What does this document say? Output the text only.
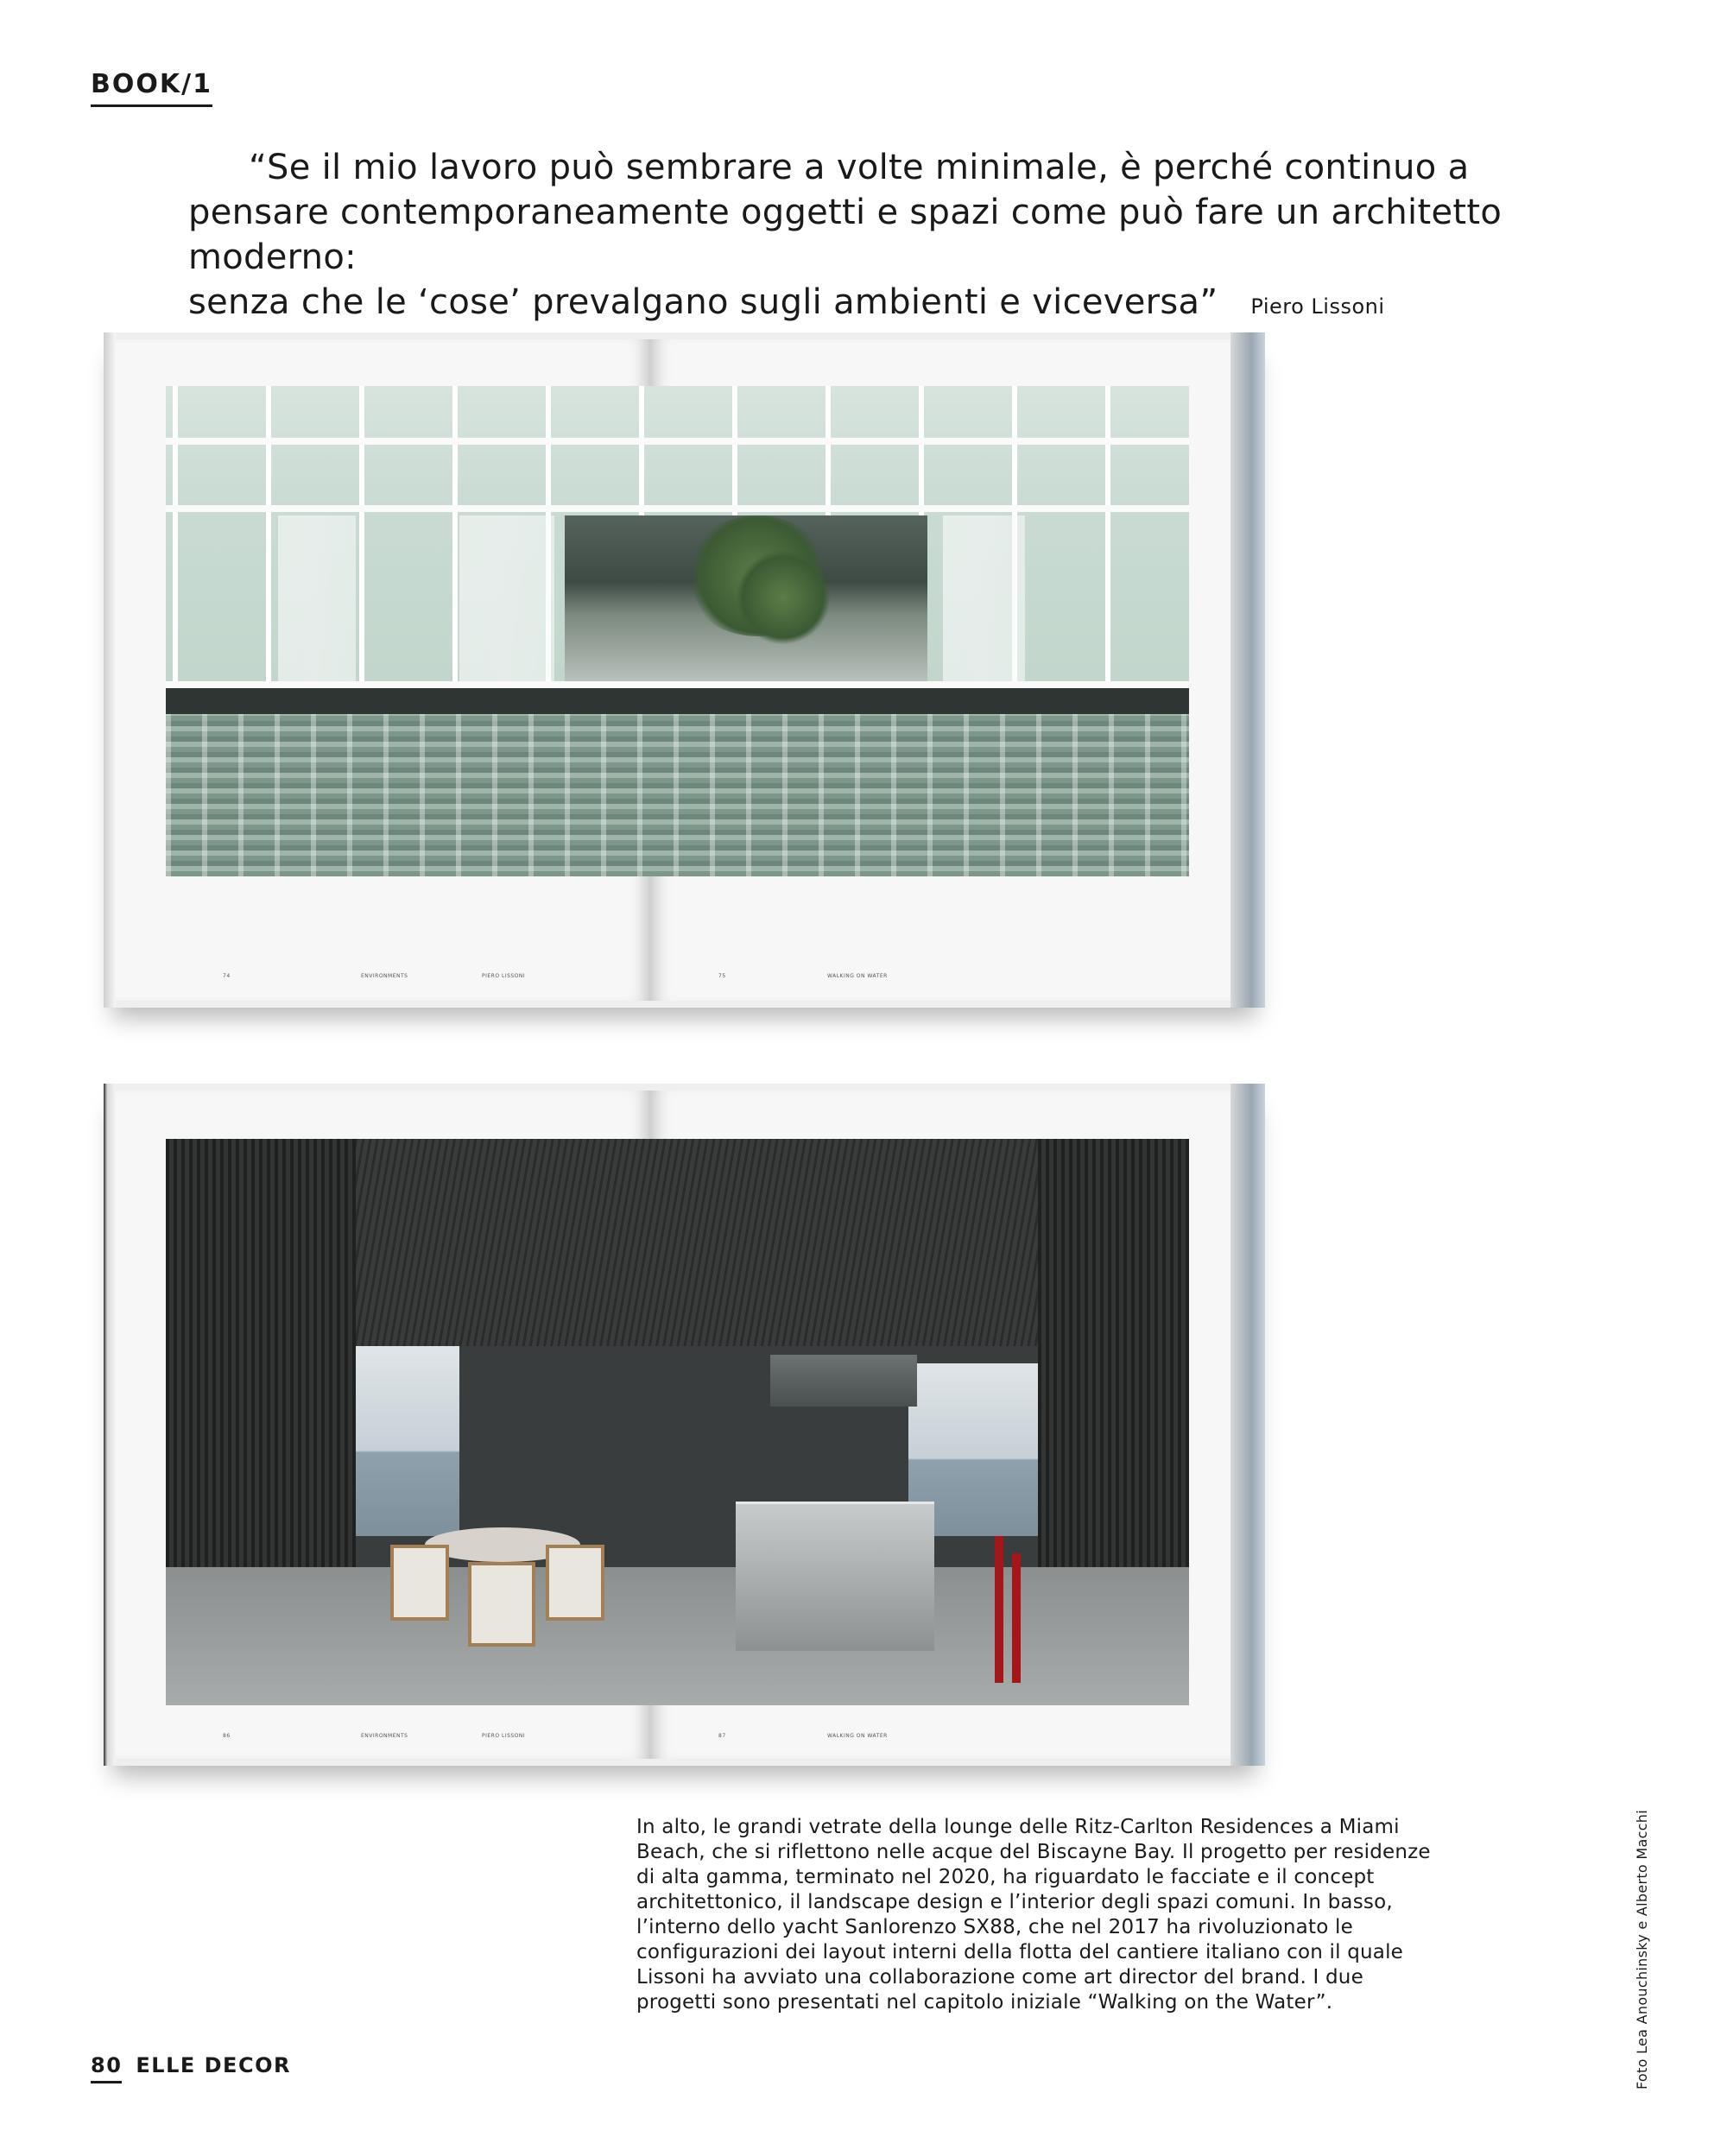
BOOK/1
“Se il mio lavoro può sembrare a volte minimale, è perché continuo a
pensare contemporaneamente oggetti e spazi come può fare un architetto moderno:
senza che le ‘cose’ prevalgano sugli ambienti e viceversa” Piero Lissoni
74	ENVIRONMENTS	PIERO LISSONI	75	WALKING ON WATER
86	ENVIRONMENTS	PIERO LISSONI	87	WALKING ON WATER

In alto, le grandi vetrate della lounge delle Ritz-Carlton Residences a Miami Beach, che si riflettono nelle acque del Biscayne Bay. Il progetto per residenze di alta gamma, terminato nel 2020, ha riguardato le facciate e il concept architettonico, il landscape design e l’interior degli spazi comuni. In basso, l’interno dello yacht Sanlorenzo SX88, che nel 2017 ha rivoluzionato le configurazioni dei layout interni della flotta del cantiere italiano con il quale Lissoni ha avviato una collaborazione come art director del brand. I due progetti sono presentati nel capitolo iniziale “Walking on the Water”.	Foto Lea Anouchinsky e Alberto Macchi
80 ELLE DECOR
